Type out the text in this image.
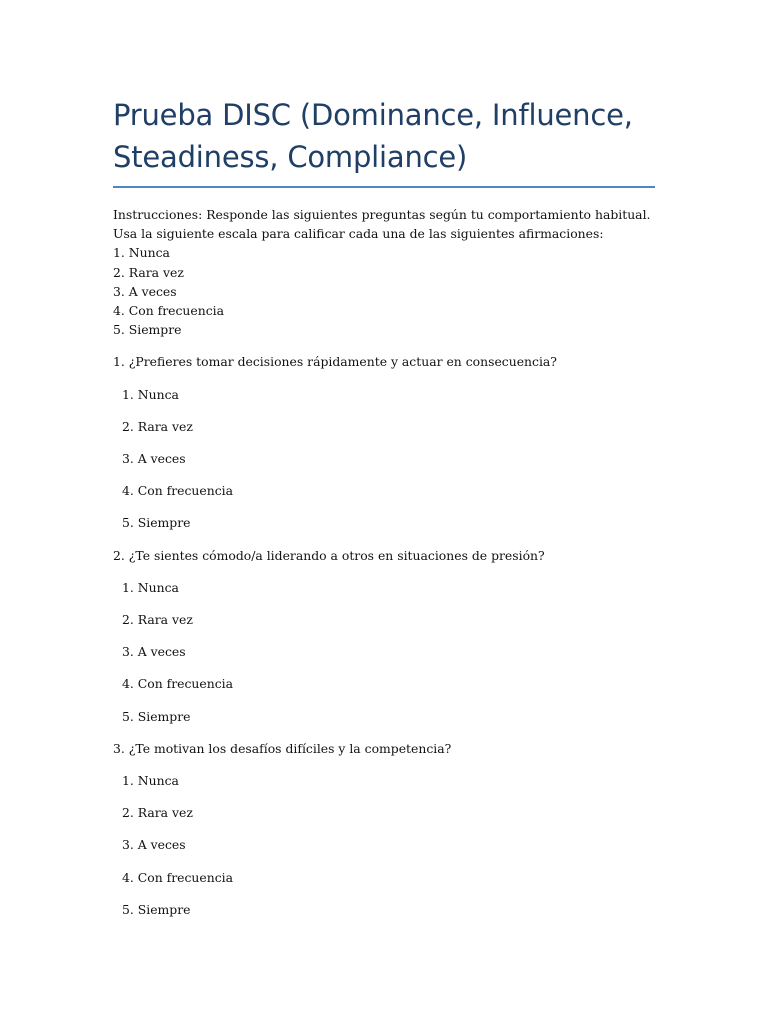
Prueba DISC (Dominance, Influence, Steadiness, Compliance)

Instrucciones: Responde las siguientes preguntas según tu comportamiento habitual. Usa la siguiente escala para calificar cada una de las siguientes afirmaciones:

1. Nunca

2. Rara vez

3. A veces

4. Con frecuencia

5. Siempre

1. ¿Prefieres tomar decisiones rápidamente y actuar en consecuencia?

1. Nunca

2. Rara vez

3. A veces

4. Con frecuencia

5. Siempre

2. ¿Te sientes cómodo/a liderando a otros en situaciones de presión?

1. Nunca

2. Rara vez

3. A veces

4. Con frecuencia

5. Siempre

3. ¿Te motivan los desafíos difíciles y la competencia?

1. Nunca

2. Rara vez

3. A veces

4. Con frecuencia

5. Siempre
